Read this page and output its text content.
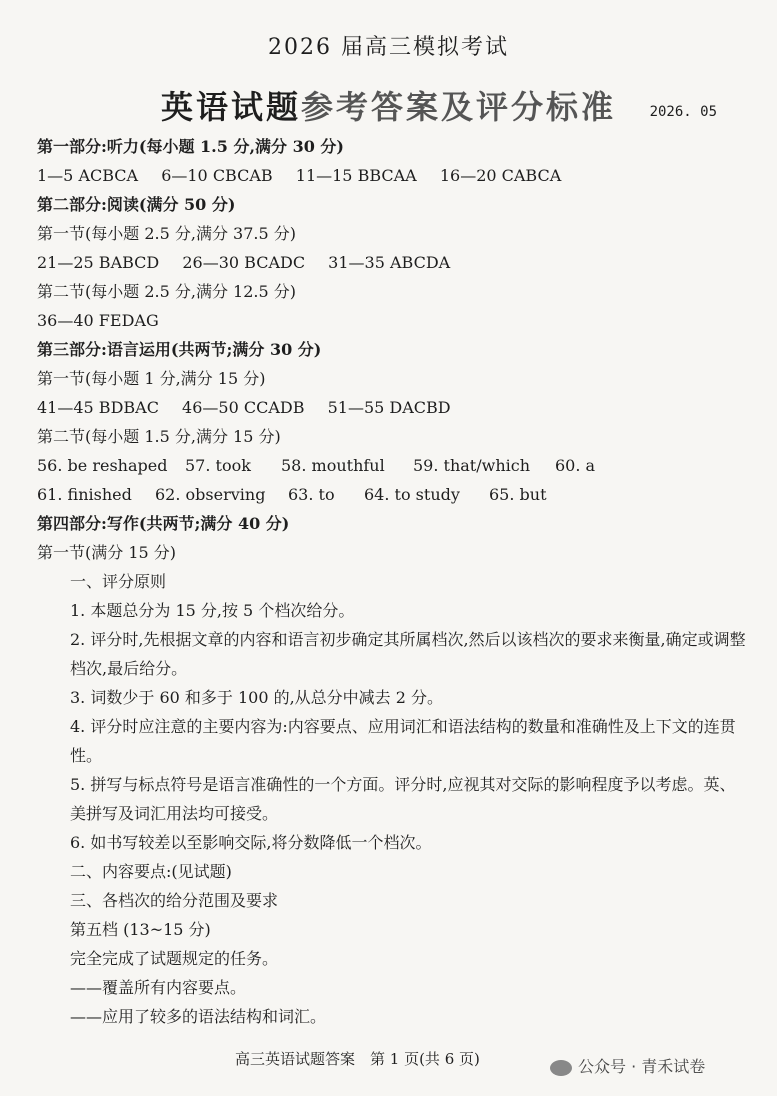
2026 届高三模拟考试
英语试题参考答案及评分标准	2026. 05
第一部分:听力(每小题 1.5 分,满分 30 分)
1—5 ACBCA 6—10 CBCAB 11—15 BBCAA 16—20 CABCA
第二部分:阅读(满分 50 分)
第一节(每小题 2.5 分,满分 37.5 分)
21—25 BABCD 26—30 BCADC 31—35 ABCDA
第二节(每小题 2.5 分,满分 12.5 分)
36—40 FEDAG
第三部分:语言运用(共两节;满分 30 分)
第一节(每小题 1 分,满分 15 分)
41—45 BDBAC 46—50 CCADB 51—55 DACBD
第二节(每小题 1.5 分,满分 15 分)
56. be reshaped 57. took 58. mouthful 59. that/which 60. a
61. finished 62. observing 63. to 64. to study 65. but
第四部分:写作(共两节;满分 40 分)
第一节(满分 15 分)
一、评分原则
1. 本题总分为 15 分,按 5 个档次给分。
2. 评分时,先根据文章的内容和语言初步确定其所属档次,然后以该档次的要求来衡量,确定或调整档次,最后给分。
3. 词数少于 60 和多于 100 的,从总分中减去 2 分。
4. 评分时应注意的主要内容为:内容要点、应用词汇和语法结构的数量和准确性及上下文的连贯性。
5. 拼写与标点符号是语言准确性的一个方面。评分时,应视其对交际的影响程度予以考虑。英、美拼写及词汇用法均可接受。
6. 如书写较差以至影响交际,将分数降低一个档次。
二、内容要点:(见试题)
三、各档次的给分范围及要求
第五档 (13~15 分)
完全完成了试题规定的任务。
——覆盖所有内容要点。
——应用了较多的语法结构和词汇。
高三英语试题答案　第 1 页(共 6 页)	公众号 · 青禾试卷
